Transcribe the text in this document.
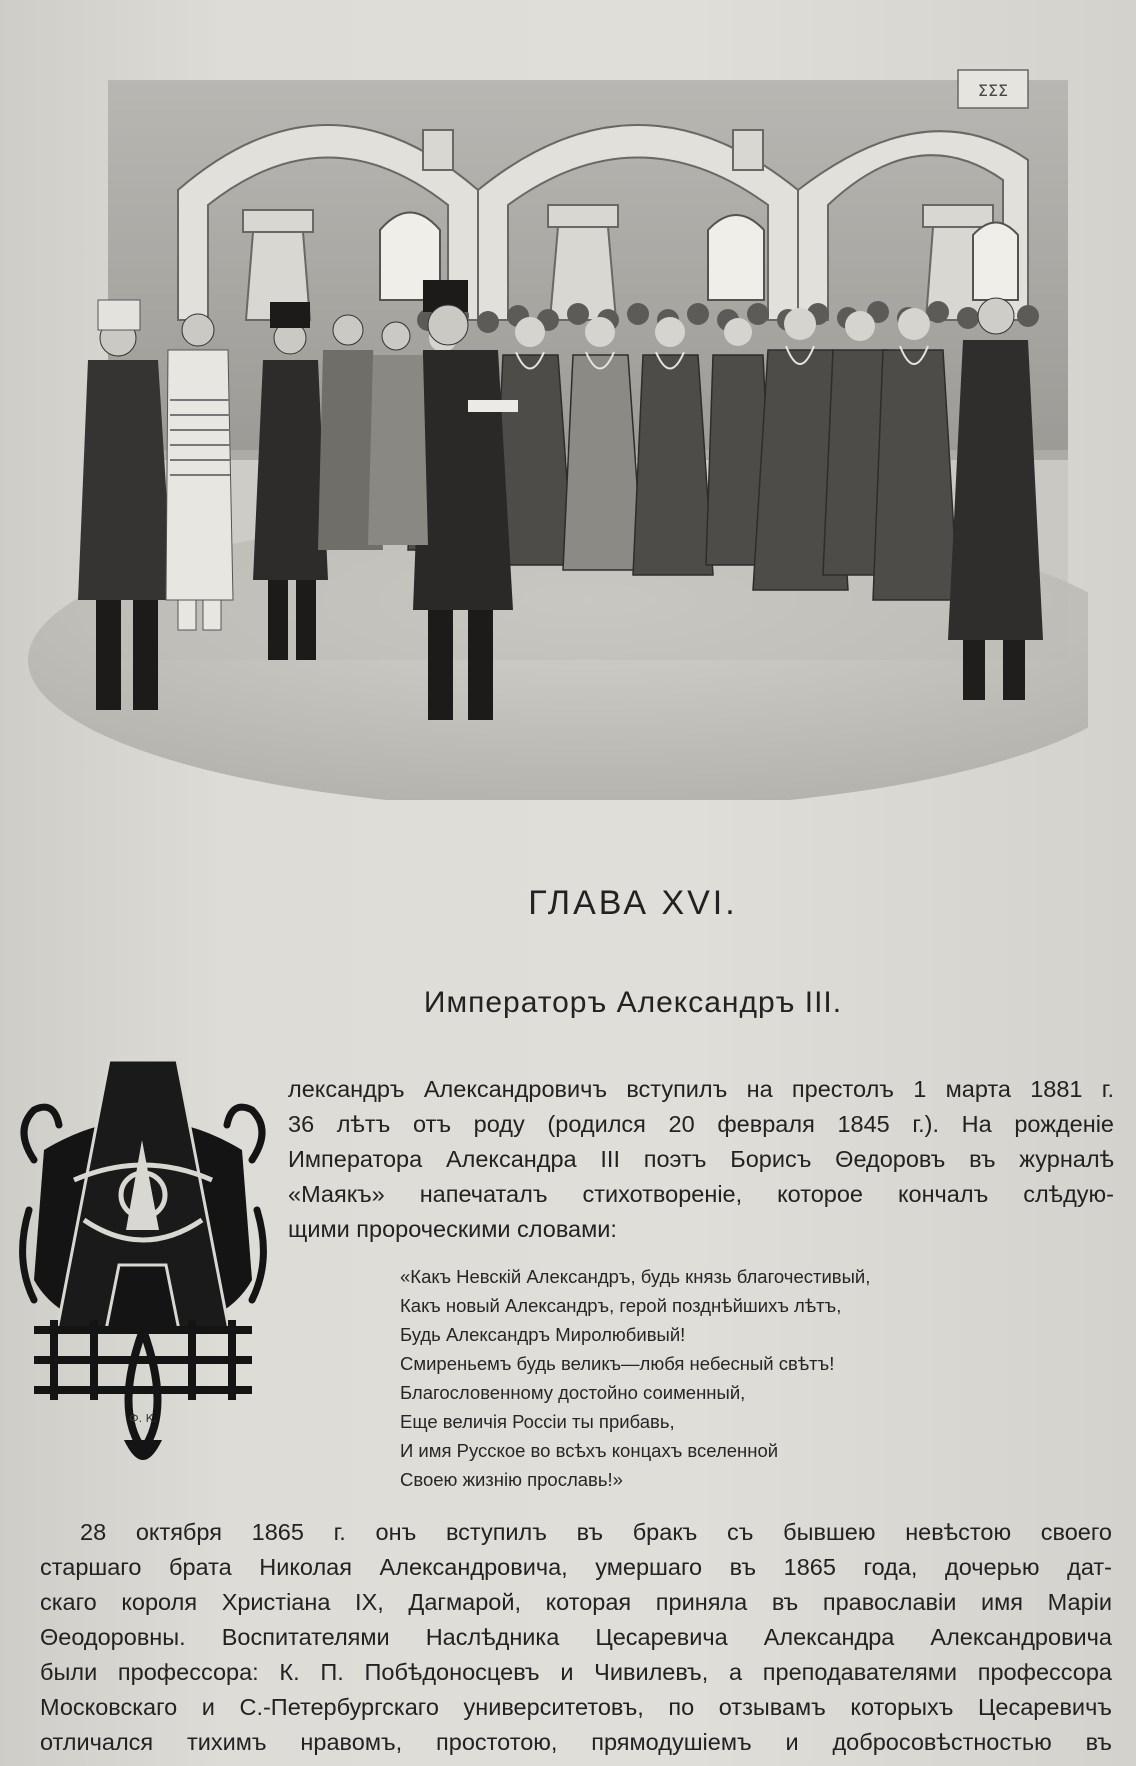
ΣΣΣ
ГЛАВА XVI.
Императоръ Александръ III.
Ф. К.
лександръ Александровичъ вступилъ на престолъ 1 марта 1881 г.
36 лѣтъ отъ роду (родился 20 февраля 1845 г.). На рожденіе
Императора Александра III поэтъ Борисъ Θедоровъ въ журналѣ
«Маякъ» напечаталъ стихотвореніе, которое кончалъ слѣдую-
щими пророческими словами:
«Какъ Невскій Александръ, будь князь благочестивый,
Какъ новый Александръ, герой позднѣйшихъ лѣтъ,
Будь Александръ Миролюбивый!
Смиреньемъ будь великъ—любя небесный свѣтъ!
Благословенному достойно соименный,
Еще величія Россіи ты прибавь,
И имя Русское во всѣхъ концахъ вселенной
Своею жизнію прославь!»
28 октября 1865 г. онъ вступилъ въ бракъ съ бывшею невѣстою своего
старшаго брата Николая Александровича, умершаго въ 1865 года, дочерью дат-
скаго короля Христіана IX, Дагмарой, которая приняла въ православіи имя Маріи
Θеодоровны. Воспитателями Наслѣдника Цесаревича Александра Александровича
были профессора: К. П. Побѣдоносцевъ и Чивилевъ, а преподавателями профессора
Московскаго и С.-Петербургскаго университетовъ, по отзывамъ которыхъ Цесаревичъ
отличался тихимъ нравомъ, простотою, прямодушіемъ и добросовѣстностью въ
